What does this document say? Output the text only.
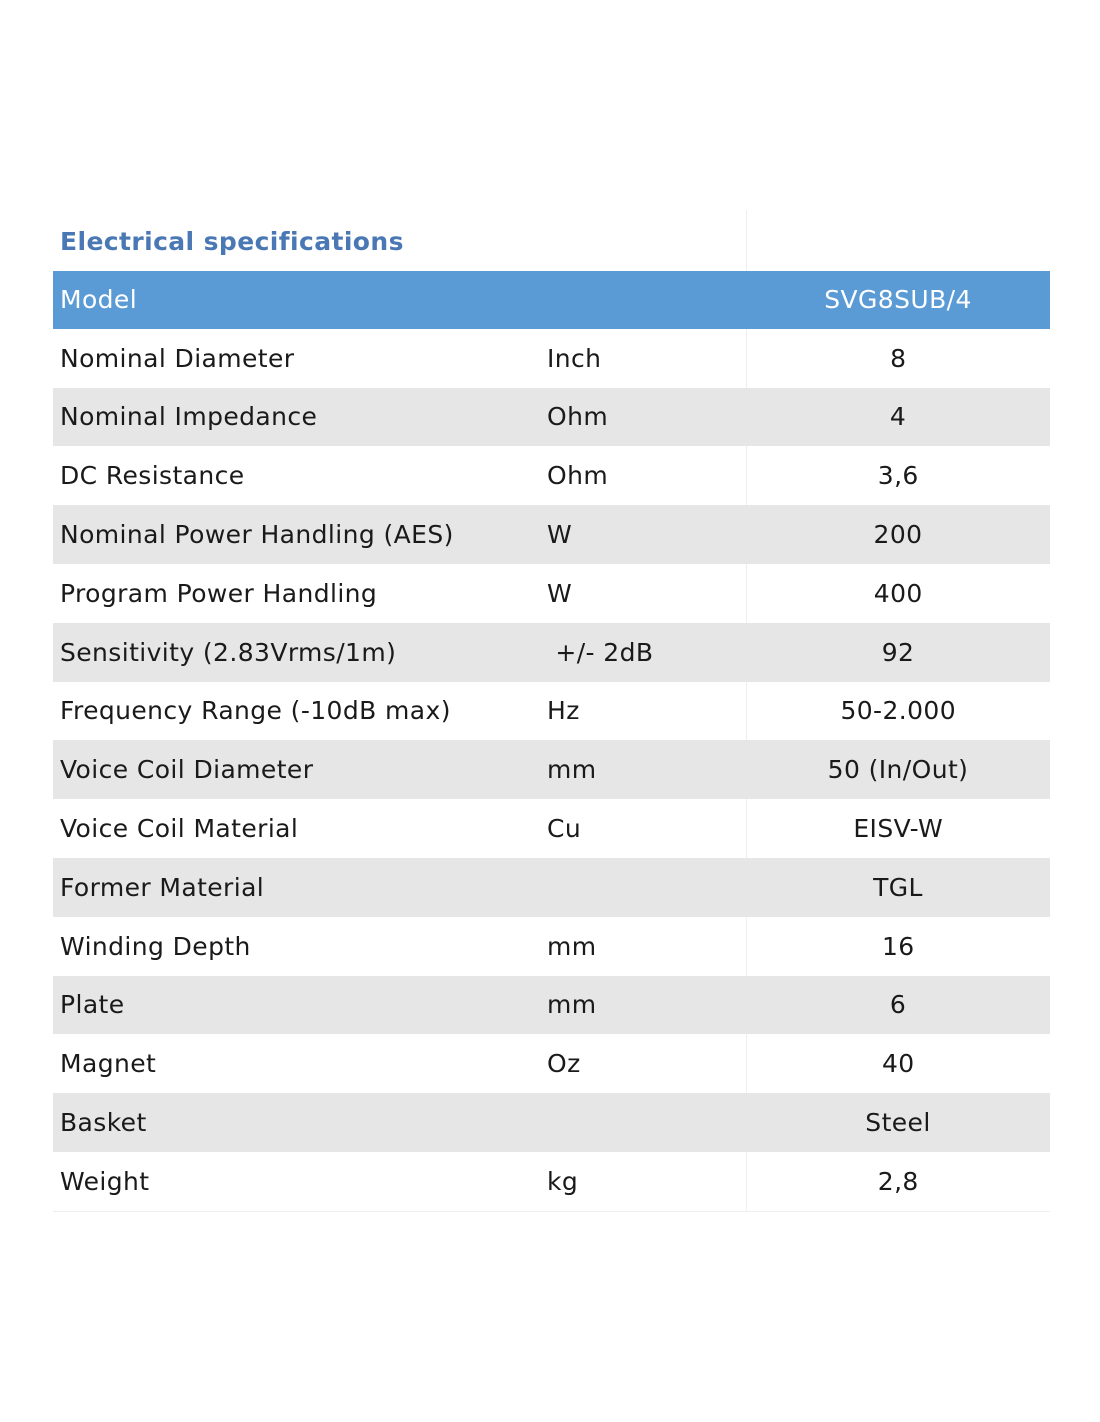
Electrical specifications		
Model		SVG8SUB/4
Nominal Diameter	Inch	8
Nominal Impedance	Ohm	4
DC Resistance	Ohm	3,6
Nominal Power Handling (AES)	W	200
Program Power Handling	W	400
Sensitivity (2.83Vrms/1m)	+/- 2dB	92
Frequency Range (-10dB max)	Hz	50-2.000
Voice Coil Diameter	mm	50 (In/Out)
Voice Coil Material	Cu	EISV-W
Former Material		TGL
Winding Depth	mm	16
Plate	mm	6
Magnet	Oz	40
Basket		Steel
Weight	kg	2,8
